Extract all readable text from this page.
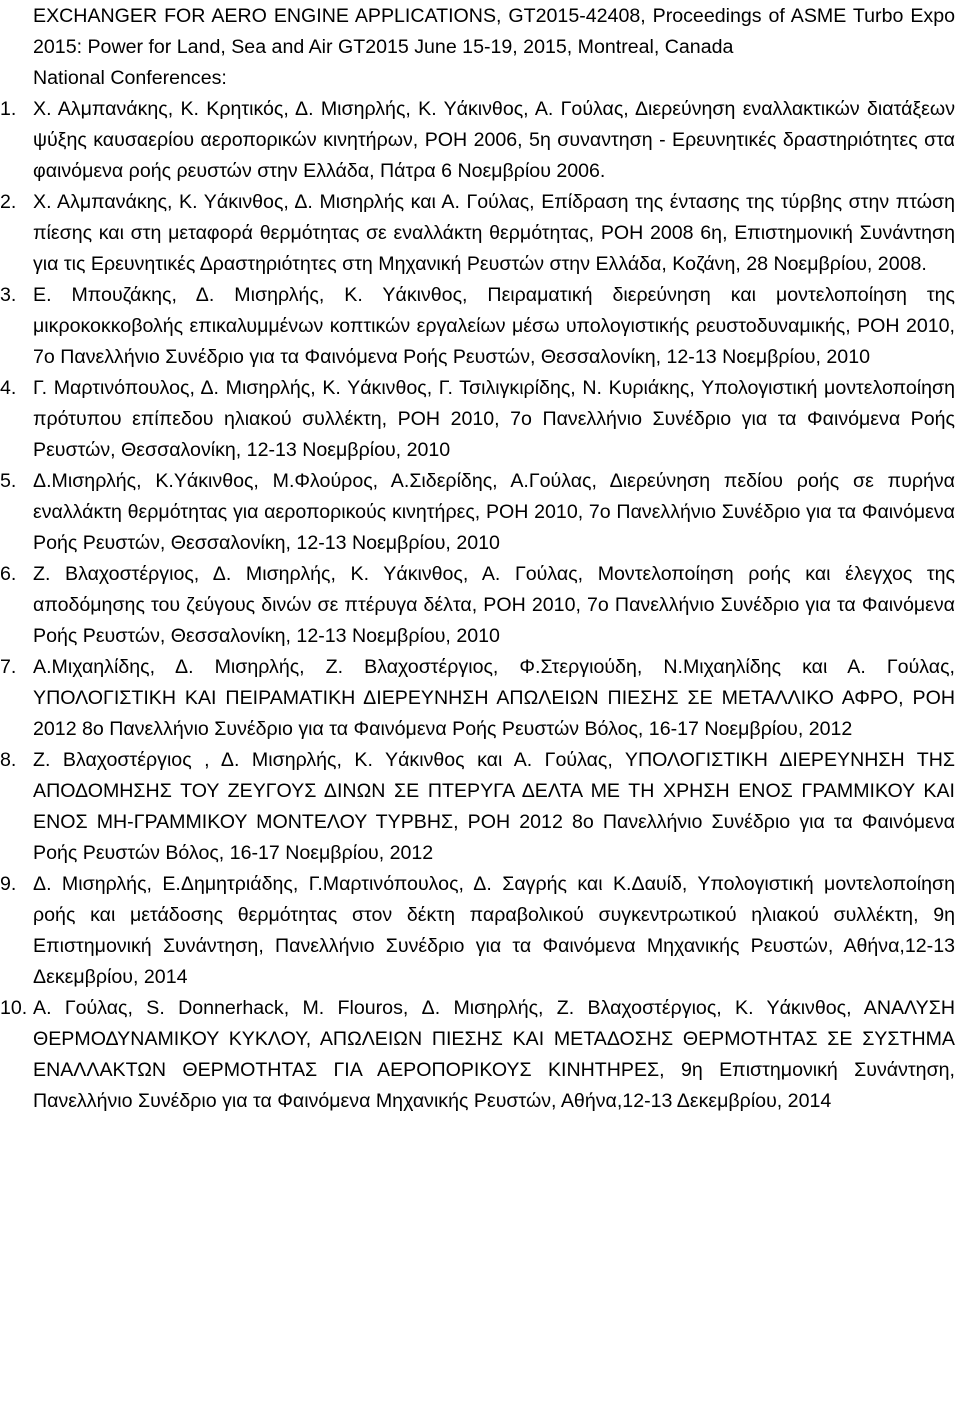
EXCHANGER FOR AERO ENGINE APPLICATIONS, GT2015-42408, Proceedings of ASME Turbo Expo 2015: Power for Land, Sea and Air GT2015 June 15-19, 2015, Montreal, Canada

National Conferences:

1. Χ. Αλμπανάκης, Κ. Κρητικός, Δ. Μισηρλής, Κ. Υάκινθος, Α. Γούλας, Διερεύνηση εναλλακτικών διατάξεων ψύξης καυσαερίου αεροπορικών κινητήρων, ΡΟΗ 2006, 5η συναντηση - Ερευνητικές δραστηριότητες στα φαινόμενα ροής ρευστών στην Ελλάδα, Πάτρα 6 Νοεμβρίου 2006.
2. Χ. Αλμπανάκης, Κ. Υάκινθος, Δ. Μισηρλής και Α. Γούλας, Επίδραση της έντασης της τύρβης στην πτώση πίεσης και στη μεταφορά θερμότητας σε εναλλάκτη θερμότητας, ΡΟΗ 2008 6η, Επιστημονική Συνάντηση για τις Ερευνητικές Δραστηριότητες στη Μηχανική Ρευστών στην Ελλάδα, Κοζάνη, 28 Νοεμβρίου, 2008.
3. Ε. Μπουζάκης, Δ. Μισηρλής, Κ. Υάκινθος, Πειραματική διερεύνηση και μοντελοποίηση της μικροκοκκοβολής επικαλυμμένων κοπτικών εργαλείων μέσω υπολογιστικής ρευστοδυναμικής, ΡΟΗ 2010, 7ο Πανελλήνιο Συνέδριο για τα Φαινόμενα Ροής Ρευστών, Θεσσαλονίκη, 12-13 Νοεμβρίου, 2010
4. Γ. Μαρτινόπουλος, Δ. Μισηρλής, Κ. Υάκινθος, Γ. Τσιλιγκιρίδης, Ν. Κυριάκης, Υπολογιστική μοντελοποίηση πρότυπου επίπεδου ηλιακού συλλέκτη, ΡΟΗ 2010, 7ο Πανελλήνιο Συνέδριο για τα Φαινόμενα Ροής Ρευστών, Θεσσαλονίκη, 12-13 Νοεμβρίου, 2010
5. Δ.Μισηρλής, Κ.Υάκινθος, Μ.Φλούρος, Α.Σιδερίδης, Α.Γούλας, Διερεύνηση πεδίου ροής σε πυρήνα εναλλάκτη θερμότητας για αεροπορικούς κινητήρες, ΡΟΗ 2010, 7ο Πανελλήνιο Συνέδριο για τα Φαινόμενα Ροής Ρευστών, Θεσσαλονίκη, 12-13 Νοεμβρίου, 2010
6. Ζ. Βλαχοστέργιος, Δ. Μισηρλής, Κ. Υάκινθος, Α. Γούλας, Μοντελοποίηση ροής και έλεγχος της αποδόμησης του ζεύγους δινών σε πτέρυγα δέλτα, ΡΟΗ 2010, 7ο Πανελλήνιο Συνέδριο για τα Φαινόμενα Ροής Ρευστών, Θεσσαλονίκη, 12-13 Νοεμβρίου, 2010
7. Α.Μιχαηλίδης, Δ. Μισηρλής, Ζ. Βλαχοστέργιος, Φ.Στεργιούδη, Ν.Μιχαηλίδης και Α. Γούλας, ΥΠΟΛΟΓΙΣΤΙΚΗ ΚΑΙ ΠΕΙΡΑΜΑΤΙΚΗ ΔΙΕΡΕΥΝΗΣΗ ΑΠΩΛΕΙΩΝ ΠΙΕΣΗΣ ΣΕ ΜΕΤΑΛΛΙΚΟ ΑΦΡΟ, ΡΟΗ 2012 8ο Πανελλήνιο Συνέδριο για τα Φαινόμενα Ροής Ρευστών Βόλος, 16-17 Νοεμβρίου, 2012
8. Ζ. Βλαχοστέργιος , Δ. Μισηρλής, Κ. Υάκινθος και Α. Γούλας, ΥΠΟΛΟΓΙΣΤΙΚΗ ΔΙΕΡΕΥΝΗΣΗ ΤΗΣ ΑΠΟΔΟΜΗΣΗΣ ΤΟΥ ΖΕΥΓΟΥΣ ΔΙΝΩΝ ΣΕ ΠΤΕΡΥΓΑ ΔΕΛΤΑ ΜΕ ΤΗ ΧΡΗΣΗ ΕΝΟΣ ΓΡΑΜΜΙΚΟΥ ΚΑΙ ΕΝΟΣ ΜΗ-ΓΡΑΜΜΙΚΟΥ ΜΟΝΤΕΛΟΥ ΤΥΡΒΗΣ, ΡΟΗ 2012 8ο Πανελλήνιο Συνέδριο για τα Φαινόμενα Ροής Ρευστών Βόλος, 16-17 Νοεμβρίου, 2012
9. Δ. Μισηρλής, Ε.Δημητριάδης, Γ.Μαρτινόπουλος, Δ. Σαγρής και Κ.Δαυίδ, Υπολογιστική μοντελοποίηση ροής και μετάδοσης θερμότητας στον δέκτη παραβολικού συγκεντρωτικού ηλιακού συλλέκτη, 9η Επιστημονική Συνάντηση, Πανελλήνιο Συνέδριο για τα Φαινόμενα Μηχανικής Ρευστών, Αθήνα,12-13 Δεκεμβρίου, 2014
10. Α. Γούλας, S. Donnerhack, M. Flouros, Δ. Μισηρλής, Ζ. Βλαχοστέργιος, Κ. Υάκινθος, ΑΝΑΛΥΣΗ ΘΕΡΜΟΔΥΝΑΜΙΚΟΥ ΚΥΚΛΟΥ, ΑΠΩΛΕΙΩΝ ΠΙΕΣΗΣ ΚΑΙ ΜΕΤΑΔΟΣΗΣ ΘΕΡΜΟΤΗΤΑΣ ΣΕ ΣΥΣΤΗΜΑ ΕΝΑΛΛΑΚΤΩΝ ΘΕΡΜΟΤΗΤΑΣ ΓΙΑ ΑΕΡΟΠΟΡΙΚΟΥΣ ΚΙΝΗΤΗΡΕΣ, 9η Επιστημονική Συνάντηση, Πανελλήνιο Συνέδριο για τα Φαινόμενα Μηχανικής Ρευστών, Αθήνα,12-13 Δεκεμβρίου, 2014
